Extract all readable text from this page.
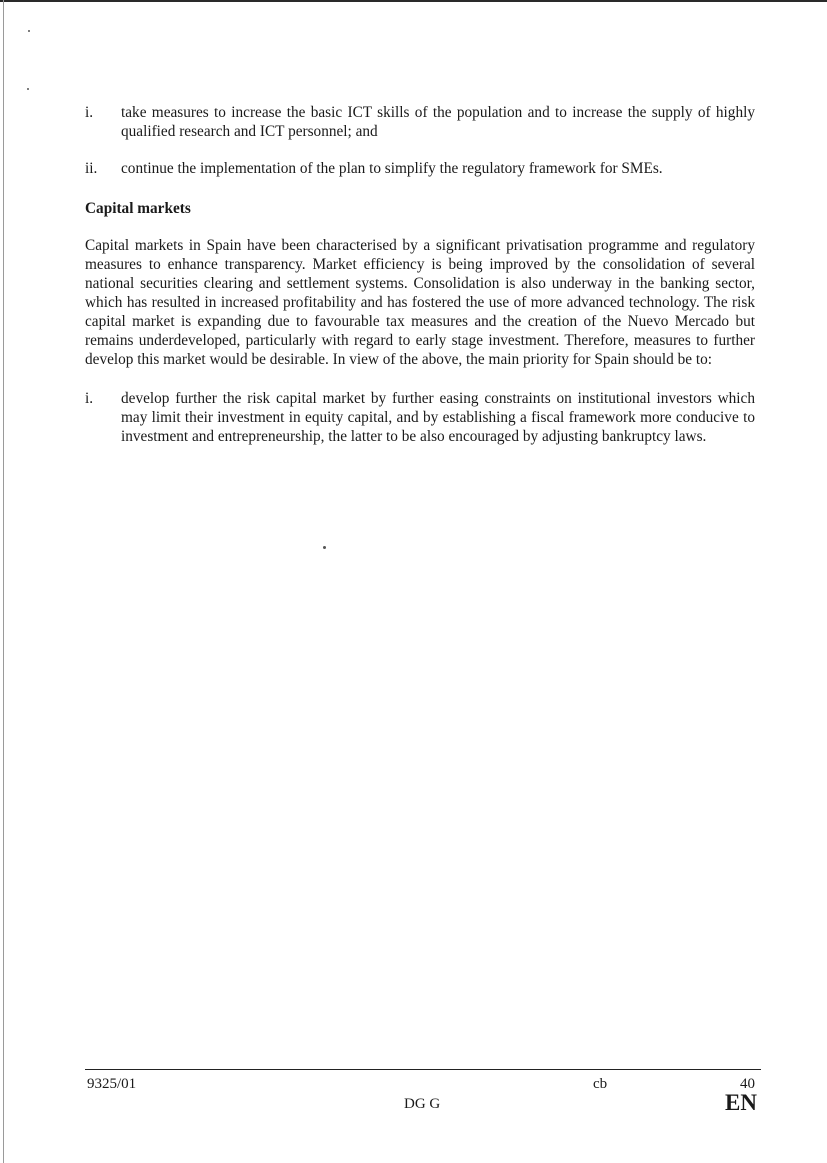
i. take measures to increase the basic ICT skills of the population and to increase the supply of highly qualified research and ICT personnel; and
ii. continue the implementation of the plan to simplify the regulatory framework for SMEs.
Capital markets
Capital markets in Spain have been characterised by a significant privatisation programme and regulatory measures to enhance transparency. Market efficiency is being improved by the consolidation of several national securities clearing and settlement systems. Consolidation is also underway in the banking sector, which has resulted in increased profitability and has fostered the use of more advanced technology. The risk capital market is expanding due to favourable tax measures and the creation of the Nuevo Mercado but remains underdeveloped, particularly with regard to early stage investment. Therefore, measures to further develop this market would be desirable. In view of the above, the main priority for Spain should be to:
i. develop further the risk capital market by further easing constraints on institutional investors which may limit their investment in equity capital, and by establishing a fiscal framework more conducive to investment and entrepreneurship, the latter to be also encouraged by adjusting bankruptcy laws.
9325/01	cb	40
DG G	EN
